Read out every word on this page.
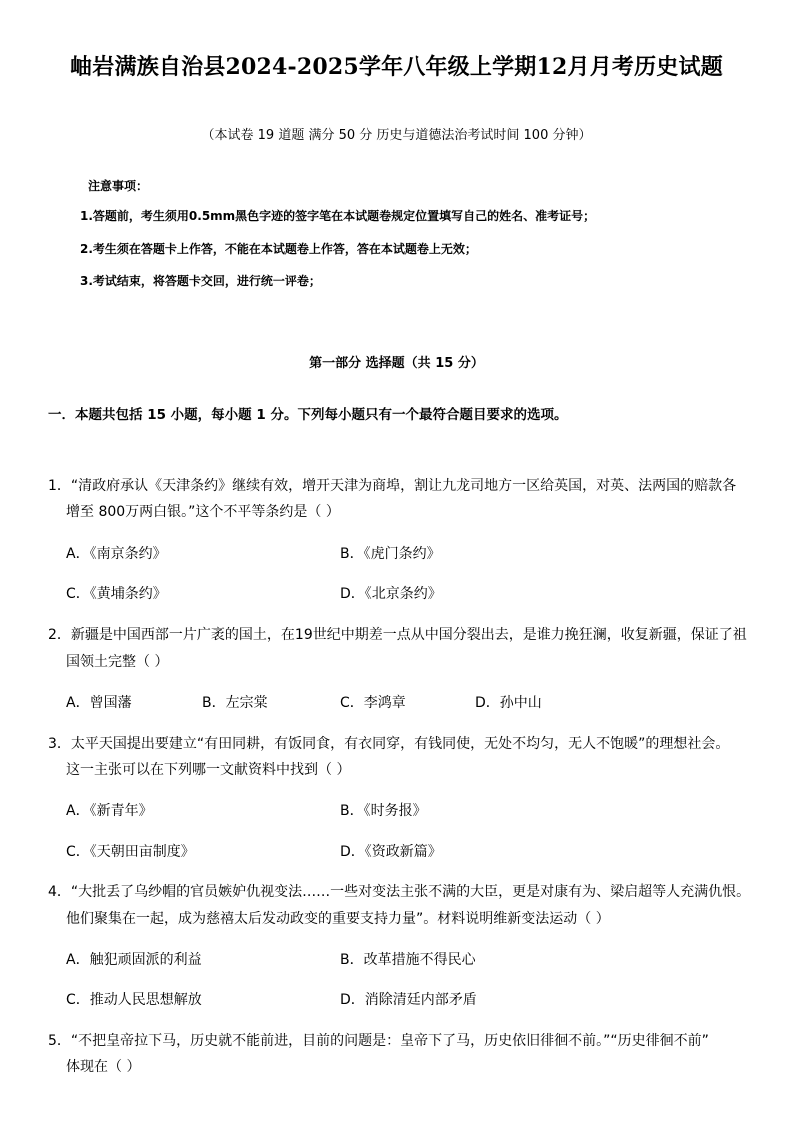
岫岩满族自治县2024-2025学年八年级上学期12月月考历史试题
（本试卷 19 道题 满分 50 分 历史与道德法治考试时间 100 分钟）
注意事项：
1.答题前，考生须用0.5mm黑色字迹的签字笔在本试题卷规定位置填写自己的姓名、准考证号；
2.考生须在答题卡上作答，不能在本试题卷上作答，答在本试题卷上无效；
3.考试结束，将答题卡交回，进行统一评卷；
第一部分 选择题（共 15 分）
一．本题共包括 15 小题，每小题 1 分。下列每小题只有一个最符合题目要求的选项。
1．“清政府承认《天津条约》继续有效，增开天津为商埠，割让九龙司地方一区给英国，对英、法两国的赔款各
增至 800万两白银。”这个不平等条约是（ ）
A．《南京条约》	B．《虎门条约》
C．《黄埔条约》	D．《北京条约》
2．新疆是中国西部一片广袤的国土，在19世纪中期差一点从中国分裂出去，是谁力挽狂澜，收复新疆，保证了祖
国领土完整（ ）
A．曾国藩	B．左宗棠	C．李鸿章	D．孙中山
3．太平天国提出要建立“有田同耕，有饭同食，有衣同穿，有钱同使，无处不均匀，无人不饱暖”的理想社会。
这一主张可以在下列哪一文献资料中找到（ ）
A．《新青年》	B．《时务报》
C．《天朝田亩制度》	D．《资政新篇》
4．“大批丢了乌纱帽的官员嫉妒仇视变法……一些对变法主张不满的大臣，更是对康有为、梁启超等人充满仇恨。
他们聚集在一起，成为慈禧太后发动政变的重要支持力量”。材料说明维新变法运动（ ）
A．触犯顽固派的利益	B．改革措施不得民心
C．推动人民思想解放	D．消除清廷内部矛盾
5．“不把皇帝拉下马，历史就不能前进，目前的问题是：皇帝下了马，历史依旧徘徊不前。”“历史徘徊不前”
体现在（ ）
